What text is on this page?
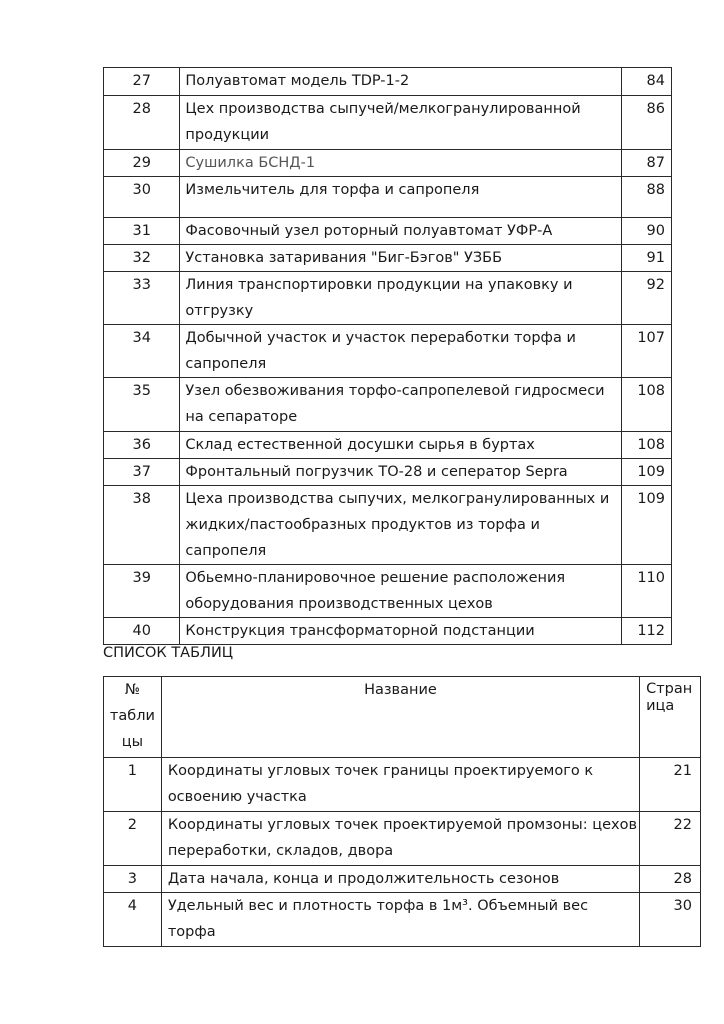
27	Полуавтомат модель TDP-1-2	84
28	Цех производства сыпучей/мелкогранулированной продукции	86
29	Сушилка БСНД-1	87
30	Измельчитель для торфа и сапропеля	88
31	Фасовочный узел роторный полуавтомат УФР-А	90
32	Установка затаривания "Биг-Бэгов" УЗББ	91
33	Линия транспортировки продукции на упаковку и отгрузку	92
34	Добычной участок и участок переработки торфа и сапропеля	107
35	Узел обезвоживания торфо-сапропелевой гидросмеси на сепараторе	108
36	Склад естественной досушки сырья в буртах	108
37	Фронтальный погрузчик ТО-28 и сеператор Sepra	109
38	Цеха производства сыпучих, мелкогранулированных и жидких/пастообразных продуктов из торфа и сапропеля	109
39	Обьемно-планировочное решение расположения оборудования производственных цехов	110
40	Конструкция трансформаторной подстанции	112
СПИСОК ТАБЛИЦ
№ табли цы	Название	Стран ица
1	Координаты угловых точек границы проектируемого к освоению участка	21
2	Координаты угловых точек проектируемой промзоны: цехов переработки, складов, двора	22
3	Дата начала, конца и продолжительность сезонов	28
4	Удельный вес и плотность торфа в 1м³. Объемный вес торфа	30
